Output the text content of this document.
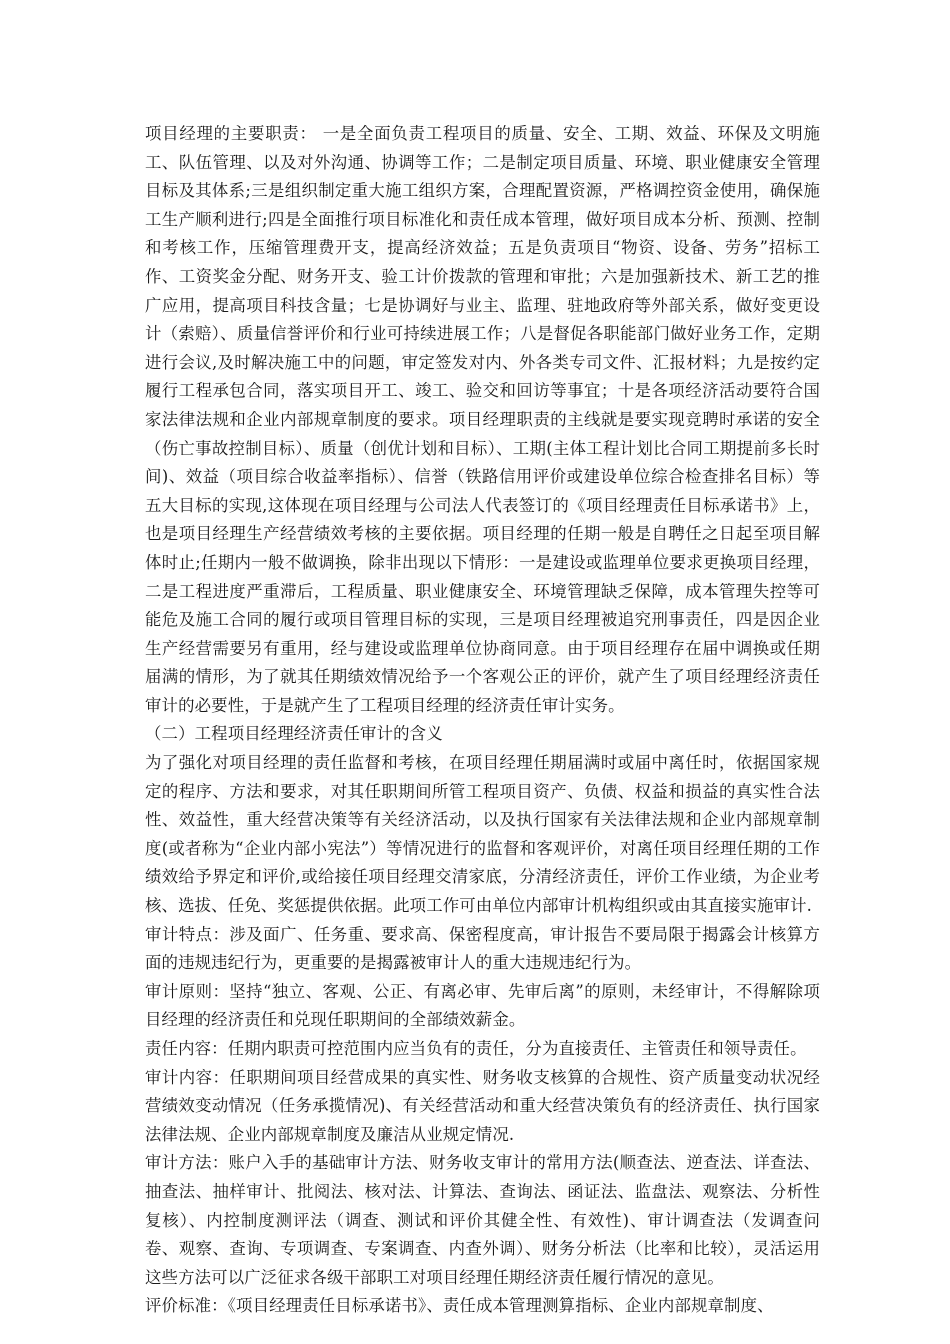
项目经理的主要职责： 一是全面负责工程项目的质量、安全、工期、效益、环保及文明施工、队伍管理、以及对外沟通、协调等工作；二是制定项目质量、环境、职业健康安全管理目标及其体系;三是组织制定重大施工组织方案，合理配置资源，严格调控资金使用，确保施工生产顺利进行;四是全面推行项目标准化和责任成本管理，做好项目成本分析、预测、控制和考核工作，压缩管理费开支，提高经济效益；五是负责项目“物资、设备、劳务”招标工作、工资奖金分配、财务开支、验工计价拨款的管理和审批；六是加强新技术、新工艺的推广应用，提高项目科技含量；七是协调好与业主、监理、驻地政府等外部关系，做好变更设计（索赔）、质量信誉评价和行业可持续进展工作；八是督促各职能部门做好业务工作，定期进行会议,及时解决施工中的问题，审定签发对内、外各类专司文件、汇报材料；九是按约定履行工程承包合同，落实项目开工、竣工、验交和回访等事宜；十是各项经济活动要符合国家法律法规和企业内部规章制度的要求。项目经理职责的主线就是要实现竞聘时承诺的安全（伤亡事故控制目标）、质量（创优计划和目标）、工期(主体工程计划比合同工期提前多长时间)、效益（项目综合收益率指标）、信誉（铁路信用评价或建设单位综合检查排名目标）等五大目标的实现,这体现在项目经理与公司法人代表签订的《项目经理责任目标承诺书》上，也是项目经理生产经营绩效考核的主要依据。项目经理的任期一般是自聘任之日起至项目解体时止;任期内一般不做调换，除非出现以下情形：一是建设或监理单位要求更换项目经理，二是工程进度严重滞后，工程质量、职业健康安全、环境管理缺乏保障，成本管理失控等可能危及施工合同的履行或项目管理目标的实现，三是项目经理被追究刑事责任，四是因企业生产经营需要另有重用，经与建设或监理单位协商同意。由于项目经理存在届中调换或任期届满的情形，为了就其任期绩效情况给予一个客观公正的评价，就产生了项目经理经济责任审计的必要性，于是就产生了工程项目经理的经济责任审计实务。

（二）工程项目经理经济责任审计的含义

为了强化对项目经理的责任监督和考核，在项目经理任期届满时或届中离任时，依据国家规定的程序、方法和要求，对其任职期间所管工程项目资产、负债、权益和损益的真实性合法性、效益性，重大经营决策等有关经济活动，以及执行国家有关法律法规和企业内部规章制度(或者称为“企业内部小宪法”）等情况进行的监督和客观评价，对离任项目经理任期的工作绩效给予界定和评价,或给接任项目经理交清家底，分清经济责任，评价工作业绩，为企业考核、选拔、任免、奖惩提供依据。此项工作可由单位内部审计机构组织或由其直接实施审计.

审计特点：涉及面广、任务重、要求高、保密程度高，审计报告不要局限于揭露会计核算方面的违规违纪行为，更重要的是揭露被审计人的重大违规违纪行为。

审计原则：坚持“独立、客观、公正、有离必审、先审后离”的原则，未经审计，不得解除项目经理的经济责任和兑现任职期间的全部绩效薪金。

责任内容：任期内职责可控范围内应当负有的责任，分为直接责任、主管责任和领导责任。

审计内容：任职期间项目经营成果的真实性、财务收支核算的合规性、资产质量变动状况经营绩效变动情况（任务承揽情况)、有关经营活动和重大经营决策负有的经济责任、执行国家法律法规、企业内部规章制度及廉洁从业规定情况.

审计方法：账户入手的基础审计方法、财务收支审计的常用方法(顺查法、逆查法、详查法、抽查法、抽样审计、批阅法、核对法、计算法、查询法、函证法、监盘法、观察法、分析性复核）、内控制度测评法（调查、测试和评价其健全性、有效性)、审计调查法（发调查问卷、观察、查询、专项调查、专案调查、内查外调）、财务分析法（比率和比较），灵活运用这些方法可以广泛征求各级干部职工对项目经理任期经济责任履行情况的意见。

评价标准：《项目经理责任目标承诺书》、责任成本管理测算指标、企业内部规章制度、
